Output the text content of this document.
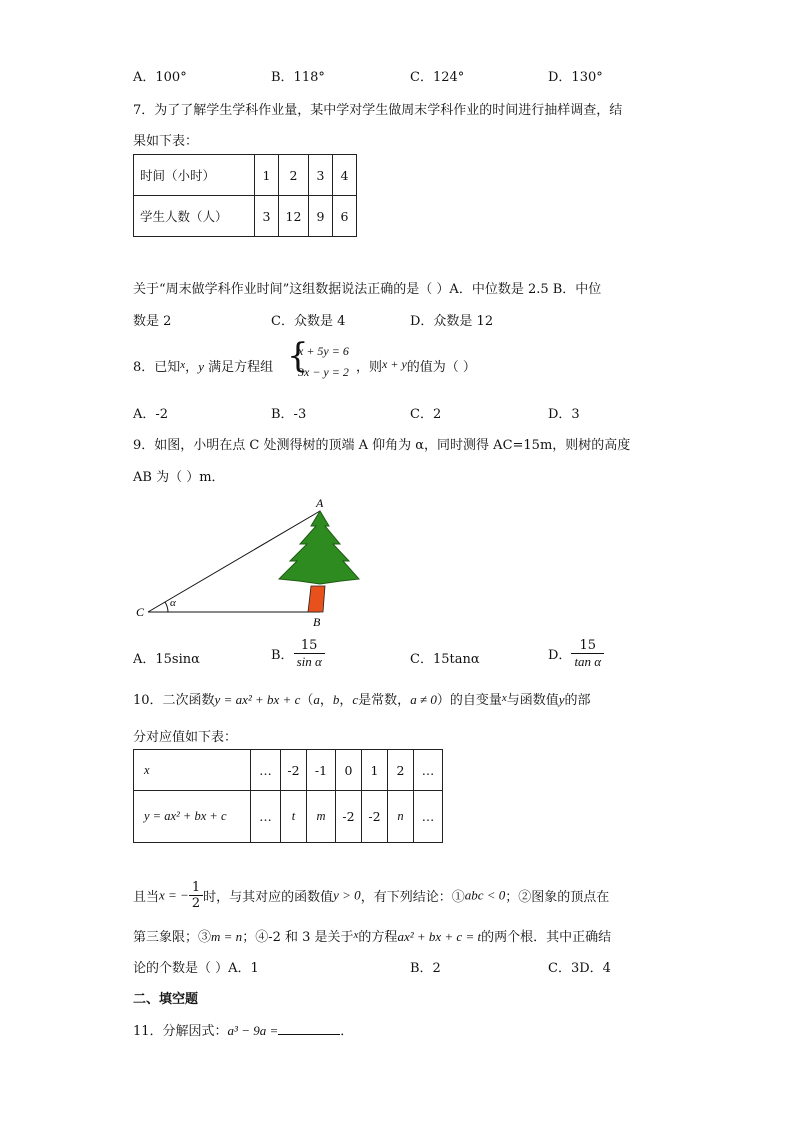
A．100°	B．118°	C．124°	D．130°
7．为了了解学生学科作业量，某中学对学生做周末学科作业的时间进行抽样调查，结
果如下表：
时间（小时）	1	2	3	4
学生人数（人）	3	12	9	6
关于“周末做学科作业时间”这组数据说法正确的是（ ）A．中位数是 2.5 B．中位
数是 2	C．众数是 4	D．众数是 12
8．已知$^x$，y 满足方程组 {
x + 5y = 6
3x − y = 2 ，则x + y的值为（ ）
A．-2	B．-3	C．2	D．3
9．如图，小明在点 C 处测得树的顶端 A 仰角为 α，同时测得 AC=15m，则树的高度
AB 为（ ）m．
A
B
C
α
A．15sinα	B． $\frac{15}{\text{sin α}}$	C．15tanα	D． $\frac{15}{\text{tan α}}$
10．二次函数y = ax² + bx + c（a，b，c是常数，a ≠ 0）的自变量$^x$与函数值y的部
分对应值如下表：
x	…	-2	-1	0	1	2	…
y = ax² + bx + c	…	t	m	-2	-2	n	…
且当x = − $\frac{1}{2}$ 时，与其对应的函数值y > 0，有下列结论：①abc < 0；②图象的顶点在
第三象限；③m = n；④-2 和 3 是关于$^x$的方程ax² + bx + c = t的两个根．其中正确结
论的个数是（ ）A．1	B．2	C．3D．4
二、填空题
11．分解因式：a³ − 9a =	．
